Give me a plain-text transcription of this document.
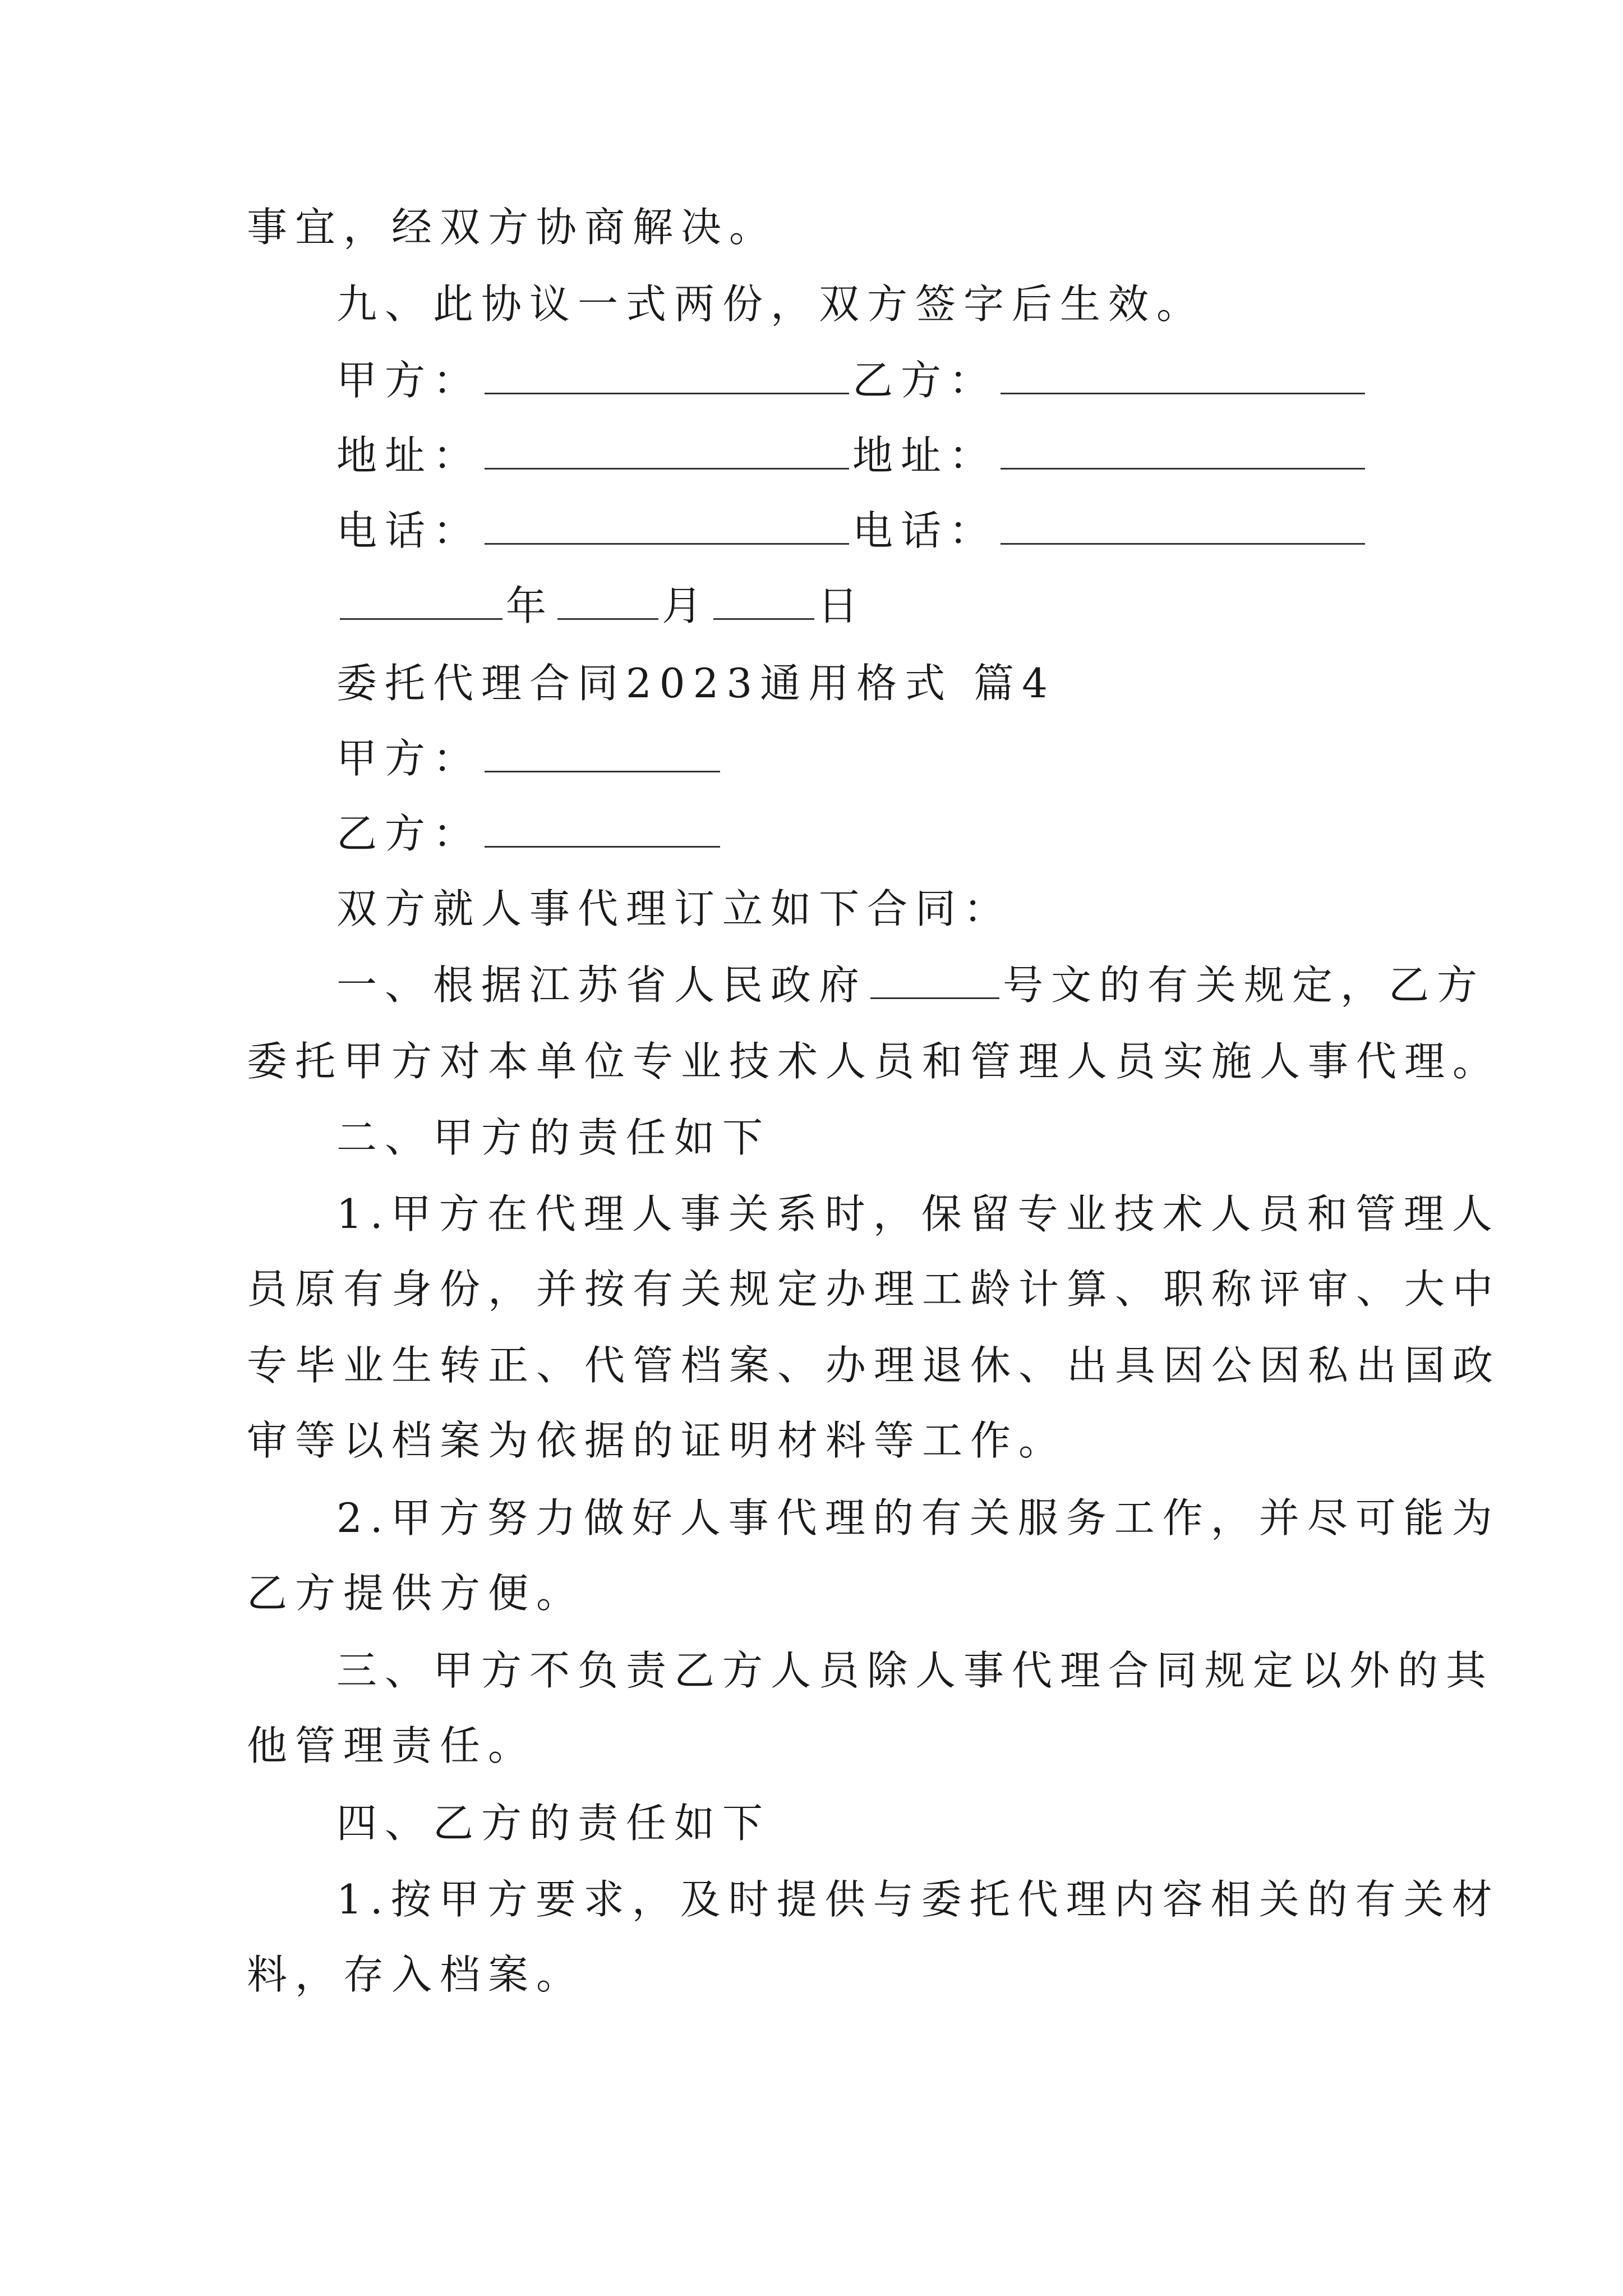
事宜，经双方协商解决。
九、此协议一式两份，双方签字后生效。
甲方：	乙方：
地址：	地址：
电话：	电话：
年	月	日
委托代理合同2023通用格式 篇4
甲方：
乙方：
双方就人事代理订立如下合同：
一、根据江苏省人民政府	号文的有关规定，乙方
委托甲方对本单位专业技术人员和管理人员实施人事代理。
二、甲方的责任如下
1.甲方在代理人事关系时，保留专业技术人员和管理人
员原有身份，并按有关规定办理工龄计算、职称评审、大中
专毕业生转正、代管档案、办理退休、出具因公因私出国政
审等以档案为依据的证明材料等工作。
2.甲方努力做好人事代理的有关服务工作，并尽可能为
乙方提供方便。
三、甲方不负责乙方人员除人事代理合同规定以外的其
他管理责任。
四、乙方的责任如下
1.按甲方要求，及时提供与委托代理内容相关的有关材
料，存入档案。
